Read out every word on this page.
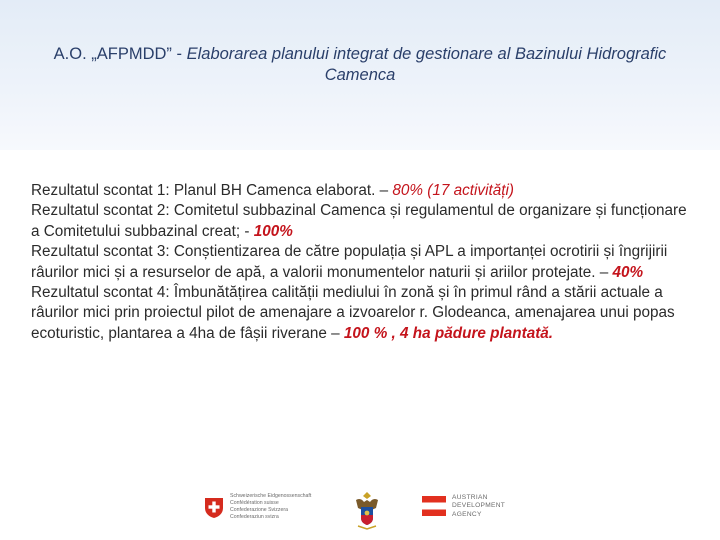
A.O. „AFPMDD” - Elaborarea planului integrat de gestionare al Bazinului Hidrografic Camenca

Rezultatul scontat 1: Planul BH Camenca elaborat. – 80% (17 activități)

Rezultatul scontat 2: Comitetul subbazinal Camenca și regulamentul de organizare și funcționare a Comitetului subbazinal creat; - 100%

Rezultatul scontat 3: Conștientizarea de către populația și APL a importanței ocrotirii și îngrijirii râurilor mici și a resurselor de apă, a valorii monumentelor naturii și ariilor protejate. – 40%

Rezultatul scontat 4: Îmbunătățirea calității mediului în zonă și în primul rând a stării actuale a râurilor mici prin proiectul pilot de amenajare a izvoarelor r. Glodeanca, amenajarea unui popas ecoturistic, plantarea a 4ha de fâșii riverane – 100 % , 4 ha pădure plantată.

Schweizerische Eidgenossenschaft
Confédération suisse
Confederazione Svizzera
Confederaziun svizra
AUSTRIAN
DEVELOPMENT
AGENCY
